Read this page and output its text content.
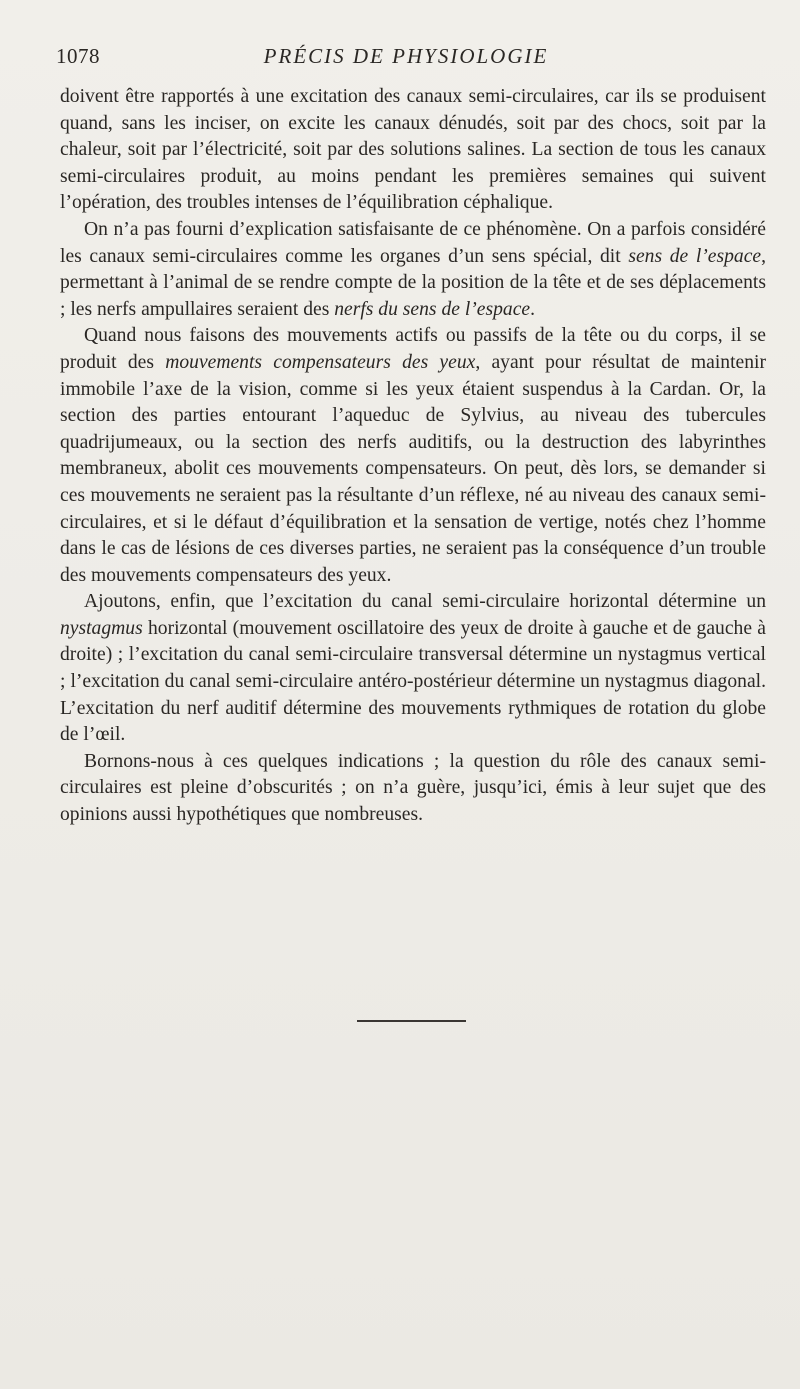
1078	PRÉCIS DE PHYSIOLOGIE

doivent être rapportés à une excitation des canaux semi-circulaires, car ils se produisent quand, sans les inciser, on excite les canaux dénudés, soit par des chocs, soit par la chaleur, soit par l’électricité, soit par des solutions salines. La section de tous les canaux semi-circulaires produit, au moins pendant les premières semaines qui suivent l’opération, des troubles intenses de l’équilibration céphalique.

On n’a pas fourni d’explication satisfaisante de ce phénomène. On a parfois considéré les canaux semi-circulaires comme les organes d’un sens spécial, dit sens de l’espace, permettant à l’animal de se rendre compte de la position de la tête et de ses déplacements ; les nerfs ampullaires seraient des nerfs du sens de l’espace.

Quand nous faisons des mouvements actifs ou passifs de la tête ou du corps, il se produit des mouvements compensateurs des yeux, ayant pour résultat de maintenir immobile l’axe de la vision, comme si les yeux étaient suspendus à la Cardan. Or, la section des parties entourant l’aqueduc de Sylvius, au niveau des tubercules quadrijumeaux, ou la section des nerfs auditifs, ou la destruction des labyrinthes membraneux, abolit ces mouvements compensateurs. On peut, dès lors, se demander si ces mouvements ne seraient pas la résultante d’un réflexe, né au niveau des canaux semi-circulaires, et si le défaut d’équilibration et la sensation de vertige, notés chez l’homme dans le cas de lésions de ces diverses parties, ne seraient pas la conséquence d’un trouble des mouvements compensateurs des yeux.

Ajoutons, enfin, que l’excitation du canal semi-circulaire horizontal détermine un nystagmus horizontal (mouvement oscillatoire des yeux de droite à gauche et de gauche à droite) ; l’excitation du canal semi-circulaire transversal détermine un nystagmus vertical ; l’excitation du canal semi-circulaire antéro-postérieur détermine un nystagmus diagonal. L’excitation du nerf auditif détermine des mouvements rythmiques de rotation du globe de l’œil.

Bornons-nous à ces quelques indications ; la question du rôle des canaux semi-circulaires est pleine d’obscurités ; on n’a guère, jusqu’ici, émis à leur sujet que des opinions aussi hypothétiques que nombreuses.
